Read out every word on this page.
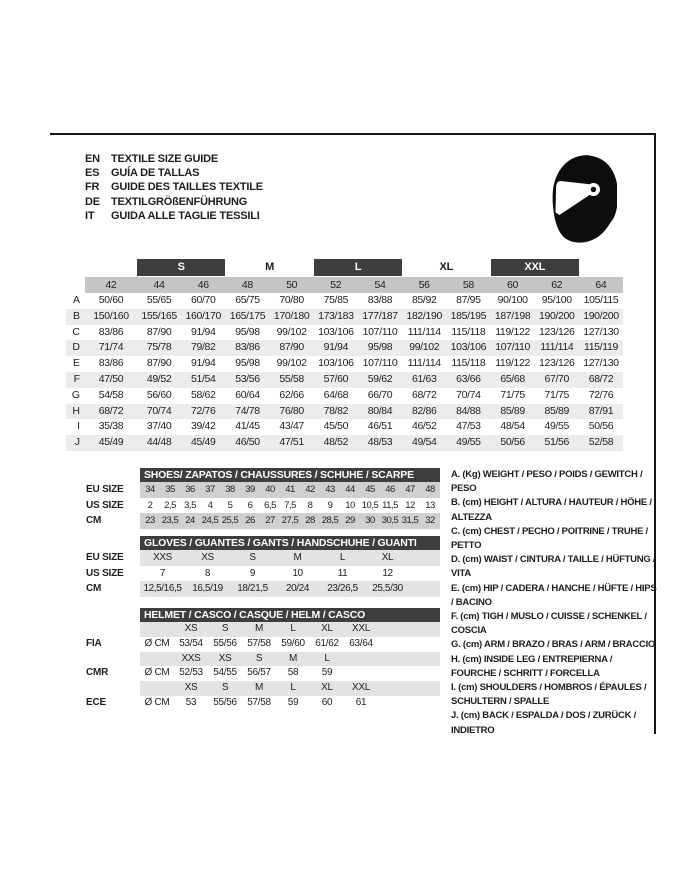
EN	TEXTILE SIZE GUIDE
ES	GUÍA DE TALLAS
FR	GUIDE DES TAILLES TEXTILE
DE	TEXTILGRÖßENFÜHRUNG
IT	GUIDA ALLE TAGLIE TESSILI
S	M	L	XL	XXL
42	44	46	48	50	52	54	56	58	60	62	64
A	50/60	55/65	60/70	65/75	70/80	75/85	83/88	85/92	87/95	90/100	95/100	105/115
B	150/160	155/165 160/170 165/175 170/180 173/183 177/187 182/190 185/195 187/198 190/200 190/200
C	83/86	87/90	91/94	95/98	99/102	103/106 107/110 111/114	115/118 119/122 123/126 127/130
D	71/74	75/78	79/82	83/86	87/90	91/94	95/98	99/102	103/106 107/110 111/114	115/119
E	83/86	87/90	91/94	95/98	99/102	103/106 107/110 111/114	115/118 119/122 123/126 127/130
F	47/50	49/52	51/54	53/56	55/58	57/60	59/62	61/63	63/66	65/68	67/70	68/72
G	54/58	56/60	58/62	60/64	62/66	64/68	66/70	68/72	70/74	71/75	71/75	72/76
H	68/72	70/74	72/76	74/78	76/80	78/82	80/84	82/86	84/88	85/89	85/89	87/91
I	35/38	37/40	39/42	41/45	43/47	45/50	46/51	46/52	47/53	48/54	49/55	50/56
J	45/49	44/48	45/49	46/50	47/51	48/52	48/53	49/54	49/55	50/56	51/56	52/58
SHOES/ ZAPATOS / CHAUSSURES / SCHUHE / SCARPE
EU SIZE	34	35	36	37	38	39	40	41	42	43	44	45	46	47	48
US SIZE	2	2,5 3,5	4	5	6	6,5 7,5	8	9	10 10,5 11,5 12	13
CM	23 23,5 24 24,5 25,5 26	27 27,5 28 28,5 29	30 30,5 31,5 32
GLOVES / GUANTES / GANTS / HANDSCHUHE / GUANTI
EU SIZE	XXS	XS	S	M	L	XL
US SIZE	7	8	9	10	11	12
CM	12,5/16,5	16,5/19	18/21,5	20/24	23/26,5	25,5/30
HELMET / CASCO / CASQUE / HELM / CASCO
XS	S	M	L	XL	XXL
FIA	Ø CM 53/54	55/56	57/58	59/60	61/62	63/64
XXS	XS	S	M	L
CMR	Ø CM 52/53	54/55	56/57	58	59
XS	S	M	L	XL	XXL
ECE	Ø CM	53	55/56	57/58	59	60	61
A. (Kg) WEIGHT / PESO / POIDS / GEWITCH / PESO
B. (cm) HEIGHT / ALTURA / HAUTEUR / HÖHE / ALTEZZA
C. (cm) CHEST / PECHO / POITRINE / TRUHE / PETTO
D. (cm) WAIST / CINTURA / TAILLE / HÜFTUNG / VITA
E. (cm) HIP / CADERA / HANCHE / HÜFTE / HIPS / BACINO
F. (cm) TIGH / MUSLO / CUISSE / SCHENKEL / COSCIA
G. (cm) ARM / BRAZO / BRAS / ARM / BRACCIO
H. (cm) INSIDE LEG / ENTREPIERNA / FOURCHE / SCHRITT / FORCELLA
I. (cm) SHOULDERS / HOMBROS / ÉPAULES / SCHULTERN / SPALLE
J. (cm) BACK / ESPALDA / DOS / ZURÜCK / INDIETRO
